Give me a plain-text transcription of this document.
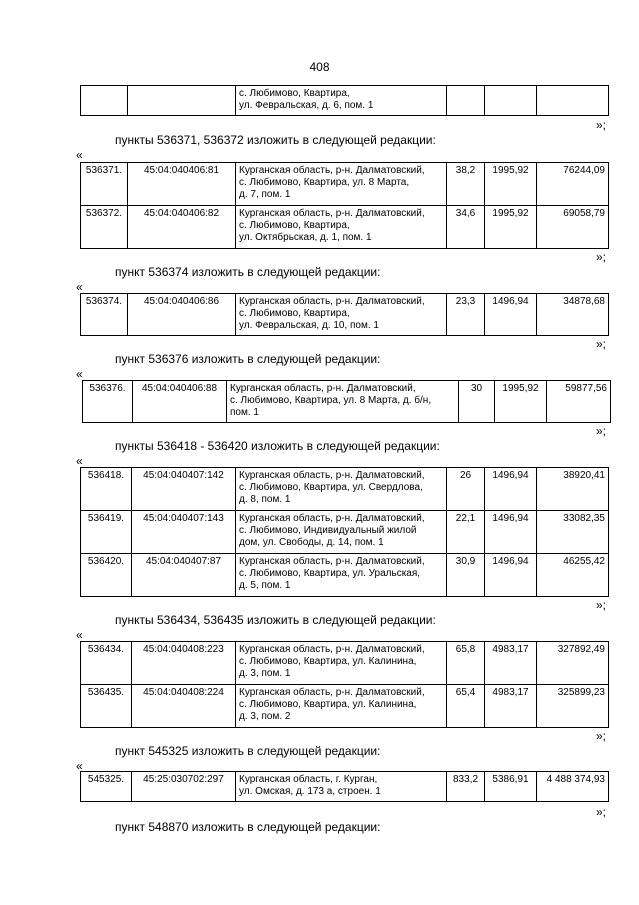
408

с. Любимово, Квартира,
ул. Февральская, д. 6, пом. 1

»;
пункты 536371, 536372 изложить в следующей редакции:
«
536371.	45:04:040406:81	Курганская область, р-н. Далматовский,
с. Любимово, Квартира, ул. 8 Марта,
д. 7, пом. 1	38,2	1995,92	76244,09
536372.	45:04:040406:82	Курганская область, р-н. Далматовский,
с. Любимово, Квартира,
ул. Октябрьская, д. 1, пом. 1	34,6	1995,92	69058,79
»;
пункт 536374 изложить в следующей редакции:
«
536374.	45:04:040406:86	Курганская область, р-н. Далматовский,
с. Любимово, Квартира,
ул. Февральская, д. 10, пом. 1
	23,3	1496,94	34878,68
»;
пункт 536376 изложить в следующей редакции:
«
536376.	45:04:040406:88	Курганская область, р-н. Далматовский,
с. Любимово, Квартира, ул. 8 Марта, д. б/н,
пом. 1
	30	1995,92	59877,56
»;
пункты 536418 - 536420 изложить в следующей редакции:
«
536418.	45:04:040407:142	Курганская область, р-н. Далматовский,
с. Любимово, Квартира, ул. Свердлова,
д. 8, пом. 1	26	1496,94	38920,41
536419.	45:04:040407:143	Курганская область, р-н. Далматовский,
с. Любимово, Индивидуальный жилой
дом, ул. Свободы, д. 14, пом. 1	22,1	1496,94	33082,35
536420.	45:04:040407:87	Курганская область, р-н. Далматовский,
с. Любимово, Квартира, ул. Уральская,
д. 5, пом. 1	30,9	1496,94	46255,42
»;
пункты 536434, 536435 изложить в следующей редакции:
«
536434.	45:04:040408:223	Курганская область, р-н. Далматовский,
с. Любимово, Квартира, ул. Калинина,
д. 3, пом. 1	65,8	4983,17	327892,49
536435.	45:04:040408:224	Курганская область, р-н. Далматовский,
с. Любимово, Квартира, ул. Калинина,
д. 3, пом. 2	65,4	4983,17	325899,23
»;
пункт 545325 изложить в следующей редакции:
«
545325.	45:25:030702:297	Курганская область, г. Курган,
ул. Омская, д. 173 а, строен. 1
	833,2	5386,91	4 488 374,93
»;
пункт 548870 изложить в следующей редакции:
